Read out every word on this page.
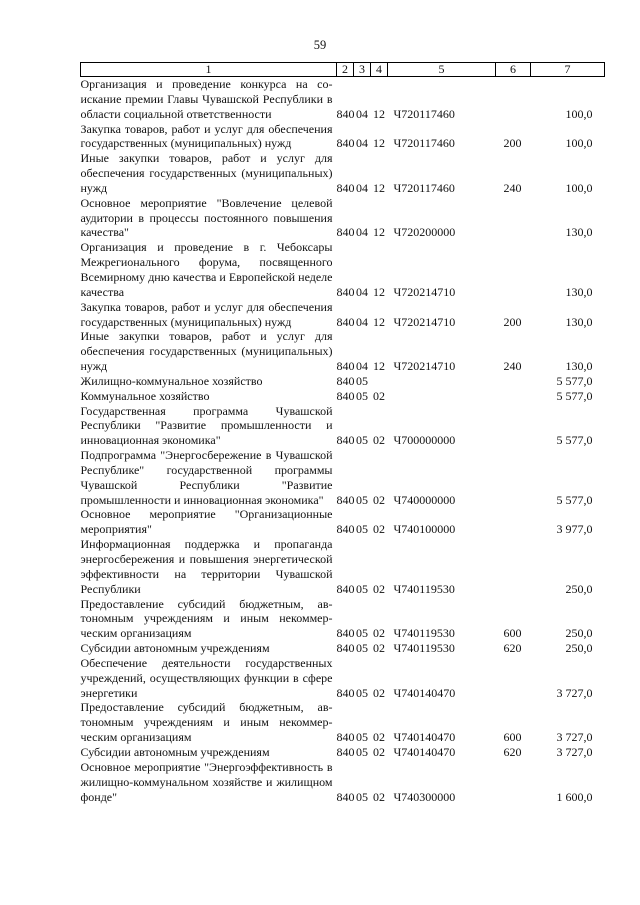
59
1	2	3	4	5	6	7
Организация и проведение конкурса на соискание премии Главы Чувашской Республики в области социальной ответственности	840	04	12	Ч720117460		100,0
Закупка товаров, работ и услуг для обеспечения государственных (муниципальных) нужд	840	04	12	Ч720117460	200	100,0
Иные закупки товаров, работ и услуг для обеспечения государственных (муниципальных) нужд	840	04	12	Ч720117460	240	100,0
Основное мероприятие "Вовлечение целевой аудитории в процессы постоянного повышения качества"	840	04	12	Ч720200000		130,0
Организация и проведение в г. Чебоксары Межрегионального форума, посвященного Всемирному дню качества и Европейской неделе качества	840	04	12	Ч720214710		130,0
Закупка товаров, работ и услуг для обеспечения государственных (муниципальных) нужд	840	04	12	Ч720214710	200	130,0
Иные закупки товаров, работ и услуг для обеспечения государственных (муниципальных) нужд	840	04	12	Ч720214710	240	130,0
Жилищно-коммунальное хозяйство	840	05				5 577,0
Коммунальное хозяйство	840	05	02			5 577,0
Государственная программа Чувашской Республики "Развитие промышленности и инновационная экономика"	840	05	02	Ч700000000		5 577,0
Подпрограмма "Энергосбережение в Чувашской Республике" государственной программы Чувашской Республики "Развитие промышленности и инновационная экономика"	840	05	02	Ч740000000		5 577,0
Основное мероприятие "Организационные мероприятия"	840	05	02	Ч740100000		3 977,0
Информационная поддержка и пропаганда энергосбережения и повышения энергетической эффективности на территории Чувашской Республики	840	05	02	Ч740119530		250,0
Предоставление субсидий бюджетным, автономным учреждениям и иным некоммерческим организациям	840	05	02	Ч740119530	600	250,0
Субсидии автономным учреждениям	840	05	02	Ч740119530	620	250,0
Обеспечение деятельности государственных учреждений, осуществляющих функции в сфере энергетики	840	05	02	Ч740140470		3 727,0
Предоставление субсидий бюджетным, автономным учреждениям и иным некоммерческим организациям	840	05	02	Ч740140470	600	3 727,0
Субсидии автономным учреждениям	840	05	02	Ч740140470	620	3 727,0
Основное мероприятие "Энергоэффективность в жилищно-коммунальном хозяйстве и жилищном фонде"	840	05	02	Ч740300000		1 600,0
